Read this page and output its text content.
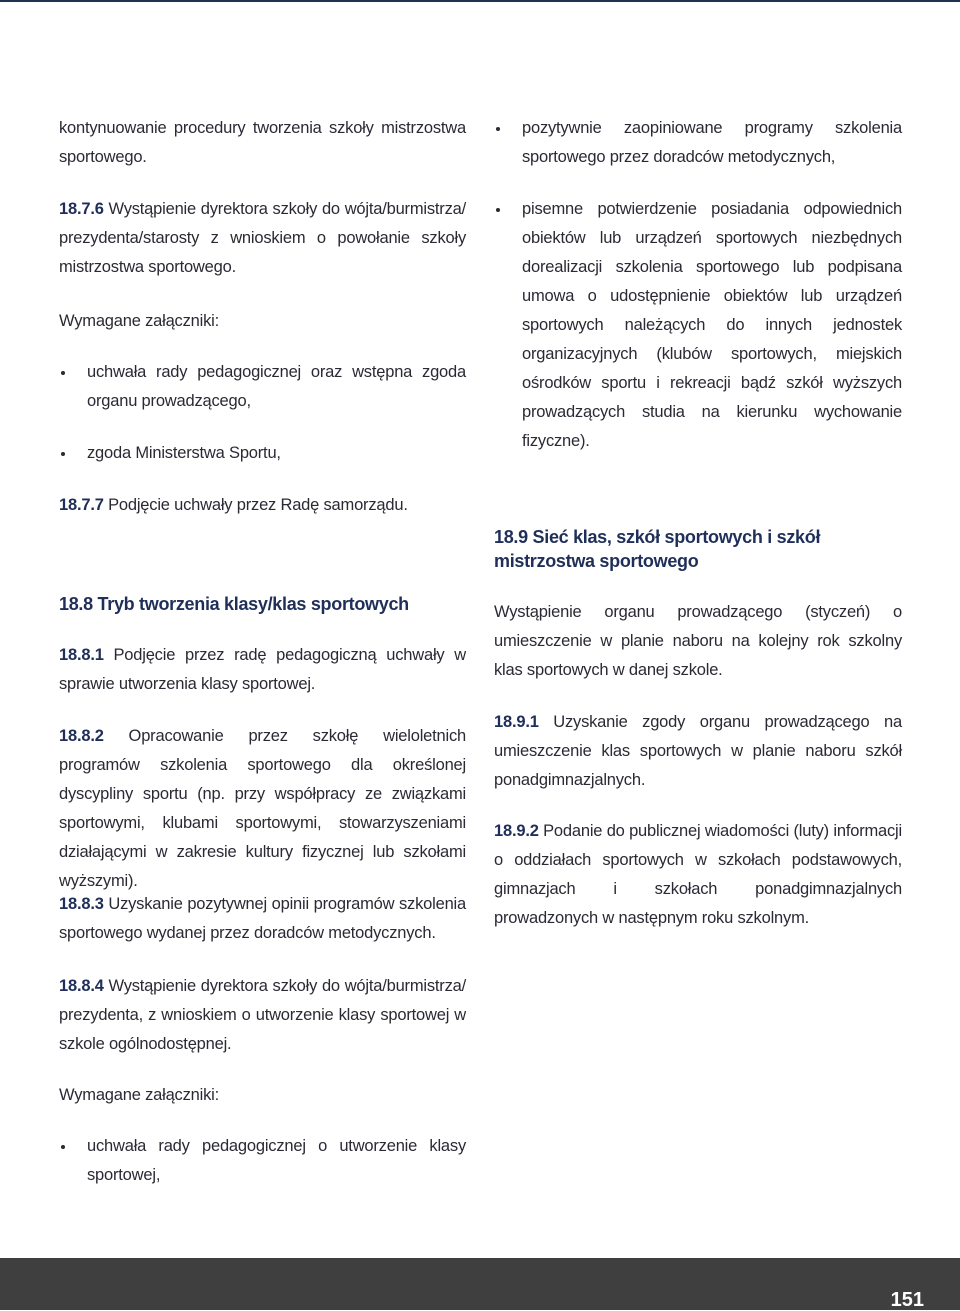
kontynuowanie procedury tworzenia szkoły mistrzostwa sportowego.
18.7.6 Wystąpienie dyrektora szkoły do wójta/burmistrza/ prezydenta/starosty z wnioskiem o powołanie szkoły mistrzostwa sportowego.
Wymagane załączniki:
uchwała rady pedagogicznej oraz wstępna zgoda organu prowadzącego,
zgoda Ministerstwa Sportu,
18.7.7 Podjęcie uchwały przez Radę samorządu.
18.8 Tryb tworzenia klasy/klas sportowych
18.8.1 Podjęcie przez radę pedagogiczną uchwały w sprawie utworzenia klasy sportowej.
18.8.2 Opracowanie przez szkołę wieloletnich programów szkolenia sportowego dla określonej dyscypliny sportu (np. przy współpracy ze związkami sportowymi, klubami sportowymi, stowarzyszeniami działającymi w zakresie kultury fizycznej lub szkołami wyższymi).
18.8.3 Uzyskanie pozytywnej opinii programów szkolenia sportowego wydanej przez doradców metodycznych.
18.8.4 Wystąpienie dyrektora szkoły do wójta/burmistrza/ prezydenta, z wnioskiem o utworzenie klasy sportowej w szkole ogólnodostępnej.
Wymagane załączniki:
uchwała rady pedagogicznej o utworzenie klasy sportowej,
pozytywnie zaopiniowane programy szkolenia sportowego przez doradców metodycznych,
pisemne potwierdzenie posiadania odpowiednich obiektów lub urządzeń sportowych niezbędnych dorealizacji szkolenia sportowego lub podpisana umowa o udostępnienie obiektów lub urządzeń sportowych należących do innych jednostek organizacyjnych (klubów sportowych, miejskich ośrodków sportu i rekreacji bądź szkół wyższych prowadzących studia na kierunku wychowanie fizyczne).
18.9 Sieć klas, szkół sportowych i szkół mistrzostwa sportowego
Wystąpienie organu prowadzącego (styczeń) o umieszczenie w planie naboru na kolejny rok szkolny klas sportowych w danej szkole.
18.9.1 Uzyskanie zgody organu prowadzącego na umieszczenie klas sportowych w planie naboru szkół ponadgimnazjalnych.
18.9.2 Podanie do publicznej wiadomości (luty) informacji o oddziałach sportowych w szkołach podstawowych, gimnazjach i szkołach ponadgimnazjalnych prowadzonych w następnym roku szkolnym.
151
